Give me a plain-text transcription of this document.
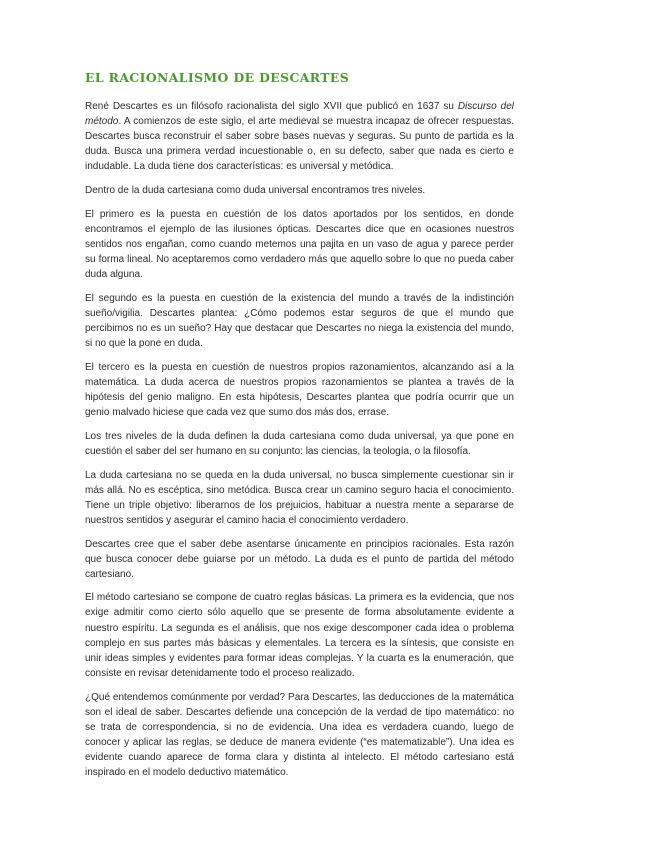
EL RACIONALISMO DE DESCARTES

René Descartes es un filósofo racionalista del siglo XVII que publicó en 1637 su Discurso del método. A comienzos de este siglo, el arte medieval se muestra incapaz de ofrecer respuestas. Descartes busca reconstruir el saber sobre bases nuevas y seguras. Su punto de partida es la duda. Busca una primera verdad incuestionable o, en su defecto, saber que nada es cierto e indudable. La duda tiene dos características: es universal y metódica.

Dentro de la duda cartesiana como duda universal encontramos tres niveles.

El primero es la puesta en cuestión de los datos aportados por los sentidos, en donde encontramos el ejemplo de las ilusiones ópticas. Descartes dice que en ocasiones nuestros sentidos nos engañan, como cuando metemos una pajita en un vaso de agua y parece perder su forma lineal. No aceptaremos como verdadero más que aquello sobre lo que no pueda caber duda alguna.

El segundo es la puesta en cuestión de la existencia del mundo a través de la indistinción sueño/vigilia. Descartes plantea: ¿Cómo podemos estar seguros de que el mundo que percibimos no es un sueño? Hay que destacar que Descartes no niega la existencia del mundo, si no que la pone en duda.

El tercero es la puesta en cuestión de nuestros propios razonamientos, alcanzando así a la matemática. La duda acerca de nuestros propios razonamientos se plantea a través de la hipótesis del genio maligno. En esta hipótesis, Descartes plantea que podría ocurrir que un genio malvado hiciese que cada vez que sumo dos más dos, errase.

Los tres niveles de la duda definen la duda cartesiana como duda universal, ya que pone en cuestión el saber del ser humano en su conjunto: las ciencias, la teología, o la filosofía.

La duda cartesiana no se queda en la duda universal, no busca simplemente cuestionar sin ir más allá. No es escéptica, sino metódica. Busca crear un camino seguro hacia el conocimiento. Tiene un triple objetivo: liberarnos de los prejuicios, habituar a nuestra mente a separarse de nuestros sentidos y asegurar el camino hacia el conocimiento verdadero.

Descartes cree que el saber debe asentarse únicamente en principios racionales. Esta razón que busca conocer debe guiarse por un método. La duda es el punto de partida del método cartesiano.

El método cartesiano se compone de cuatro reglas básicas. La primera es la evidencia, que nos exige admitir como cierto sólo aquello que se presente de forma absolutamente evidente a nuestro espíritu. La segunda es el análisis, que nos exige descomponer cada idea o problema complejo en sus partes más básicas y elementales. La tercera es la síntesis, que consiste en unir ideas simples y evidentes para formar ideas complejas. Y la cuarta es la enumeración, que consiste en revisar detenidamente todo el proceso realizado.

¿Qué entendemos comúnmente por verdad? Para Descartes, las deducciones de la matemática son el ideal de saber. Descartes defiende una concepción de la verdad de tipo matemático: no se trata de correspondencia, si no de evidencia. Una idea es verdadera cuando, luego de conocer y aplicar las reglas, se deduce de manera evidente (“es matematizable”). Una idea es evidente cuando aparece de forma clara y distinta al intelecto. El método cartesiano está inspirado en el modelo deductivo matemático.
